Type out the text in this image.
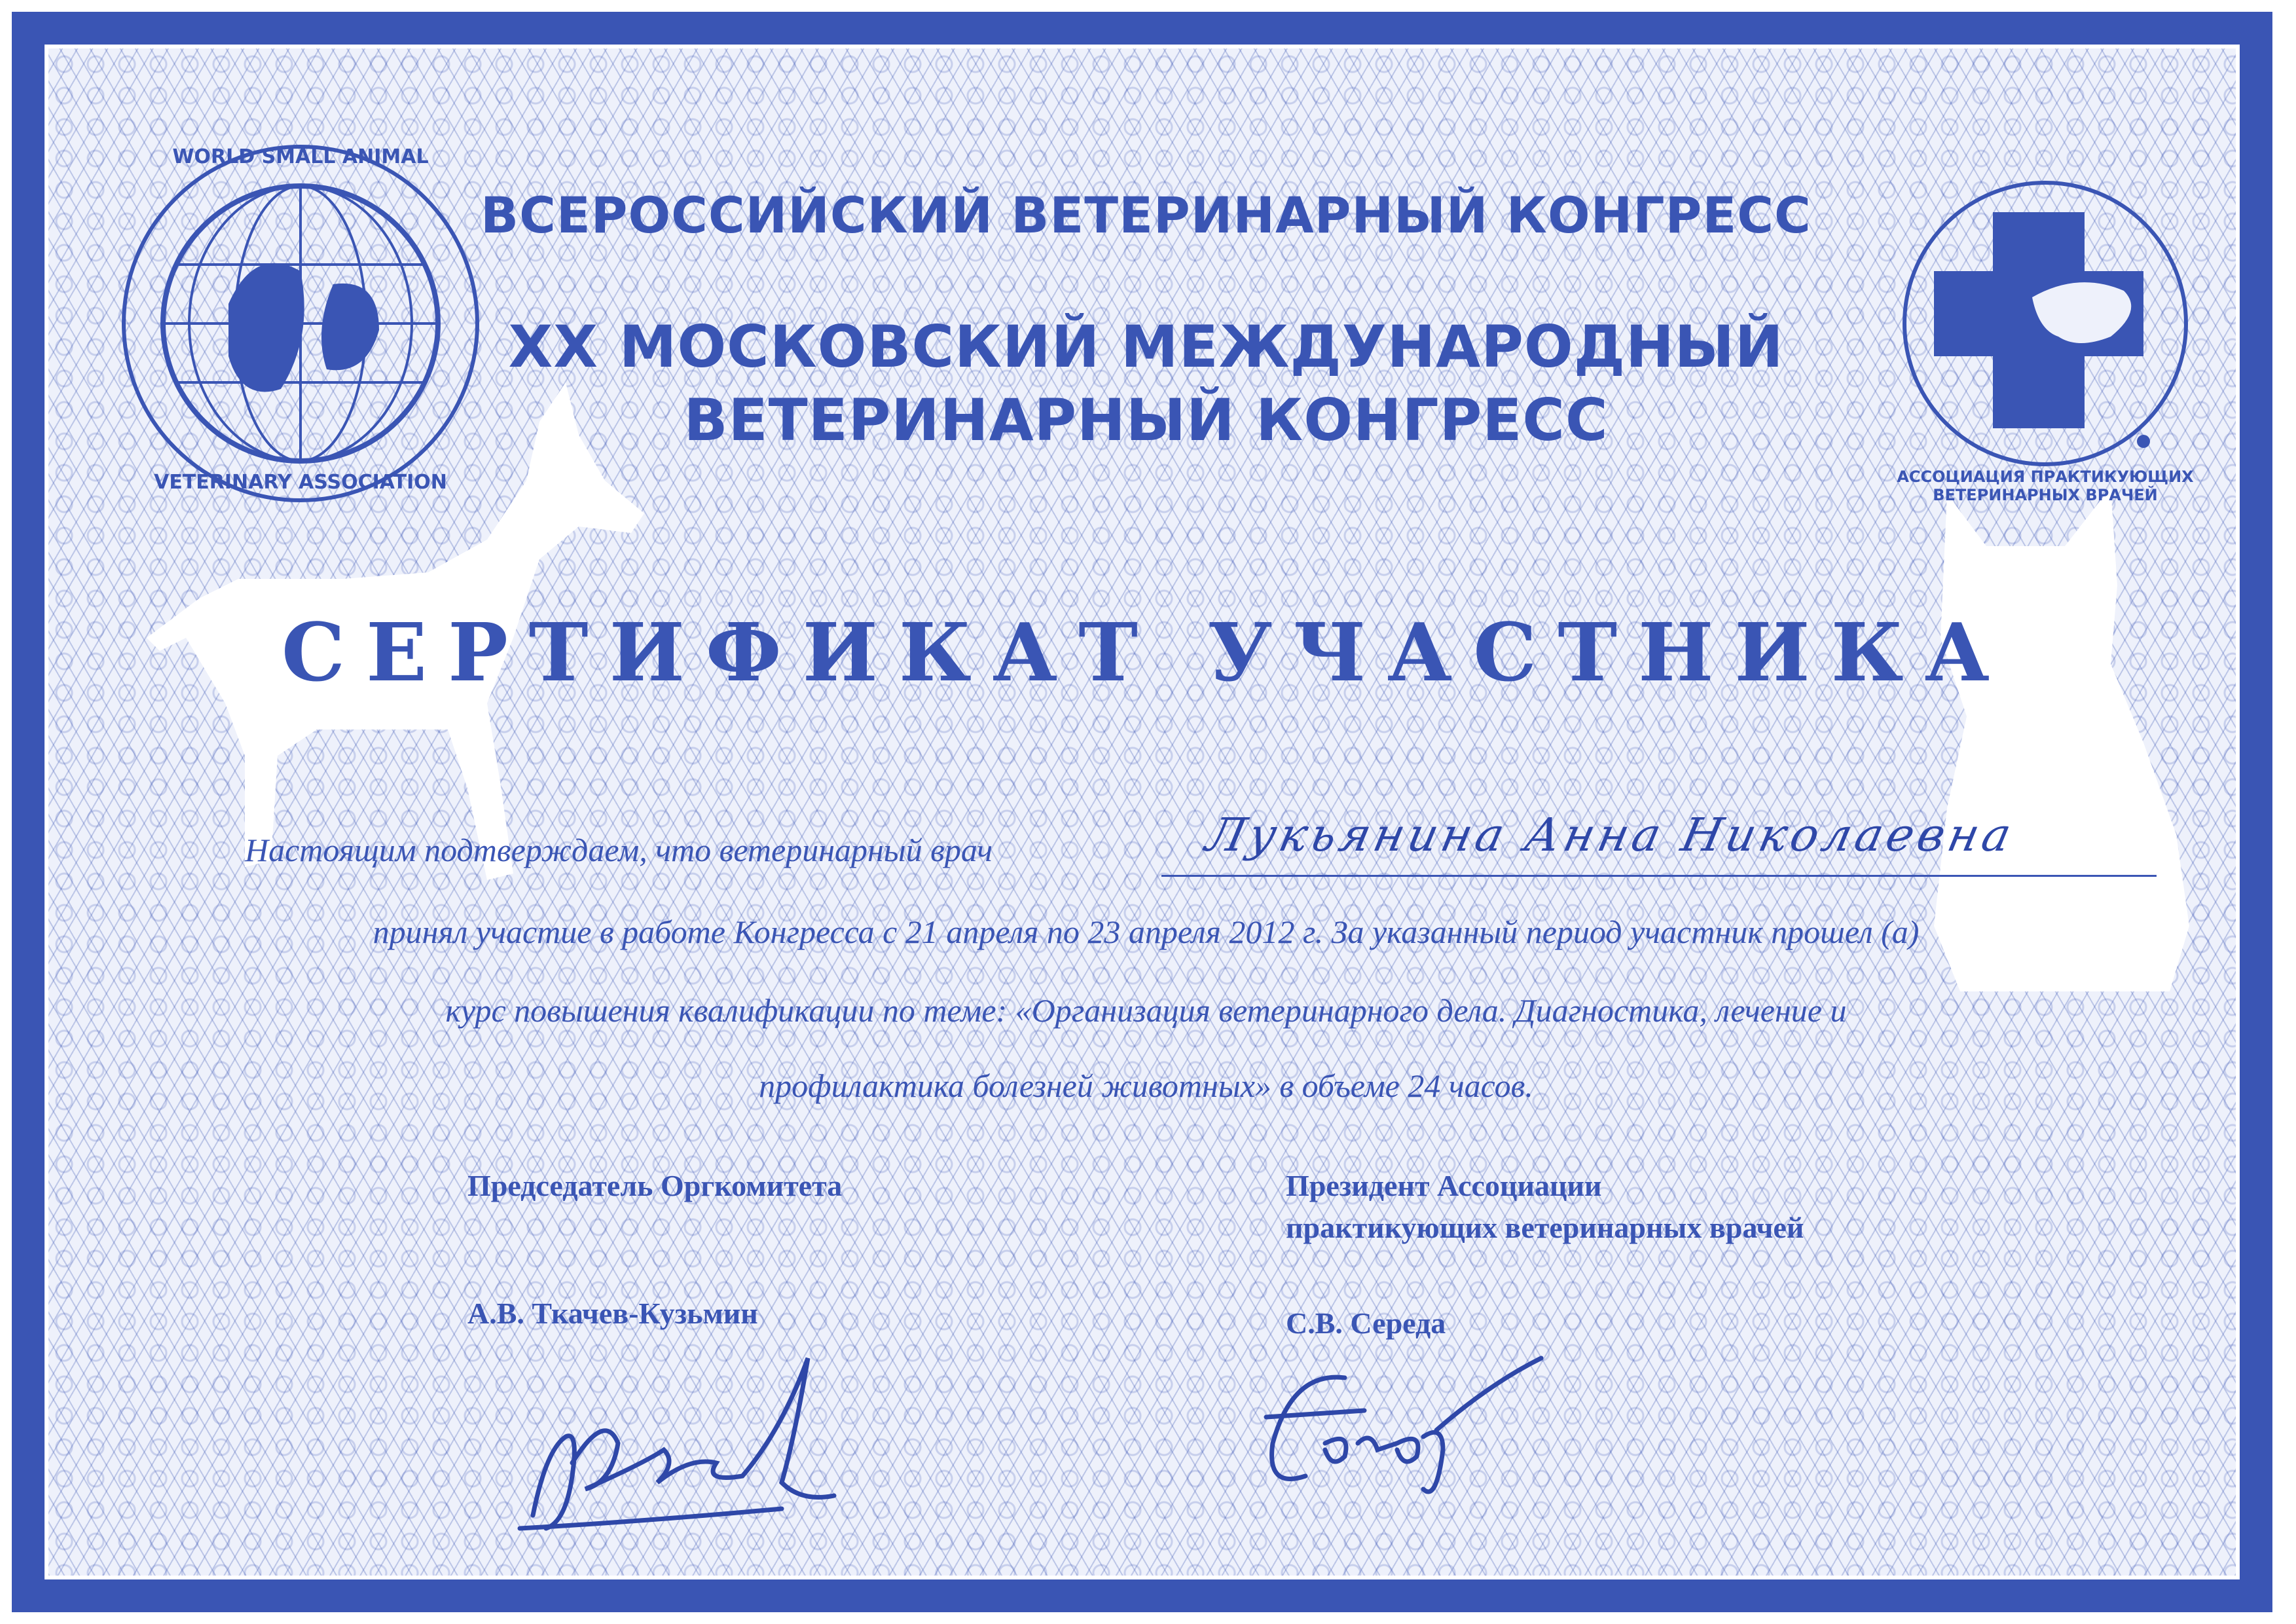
WORLD SMALL ANIMAL
VETERINARY ASSOCIATION	АССОЦИАЦИЯ ПРАКТИКУЮЩИХ ВЕТЕРИНАРНЫХ ВРАЧЕЙ
ВСЕРОССИЙСКИЙ ВЕТЕРИНАРНЫЙ КОНГРЕСС
XX МОСКОВСКИЙ МЕЖДУНАРОДНЫЙ
ВЕТЕРИНАРНЫЙ КОНГРЕСС
СЕРТИФИКАТ УЧАСТНИКА
Настоящим подтверждаем, что ветеринарный врач	Лукьянина Анна Николаевна
принял участие в работе Конгресса с 21 апреля по 23 апреля 2012 г. За указанный период участник прошел (а)
курс повышения квалификации по теме: «Организация ветеринарного дела. Диагностика, лечение и
профилактика болезней животных» в объеме 24 часов.
Председатель Оргкомитета
А.В. Ткачев-Кузьмин
Президент Ассоциации
практикующих ветеринарных врачей
С.В. Середа
